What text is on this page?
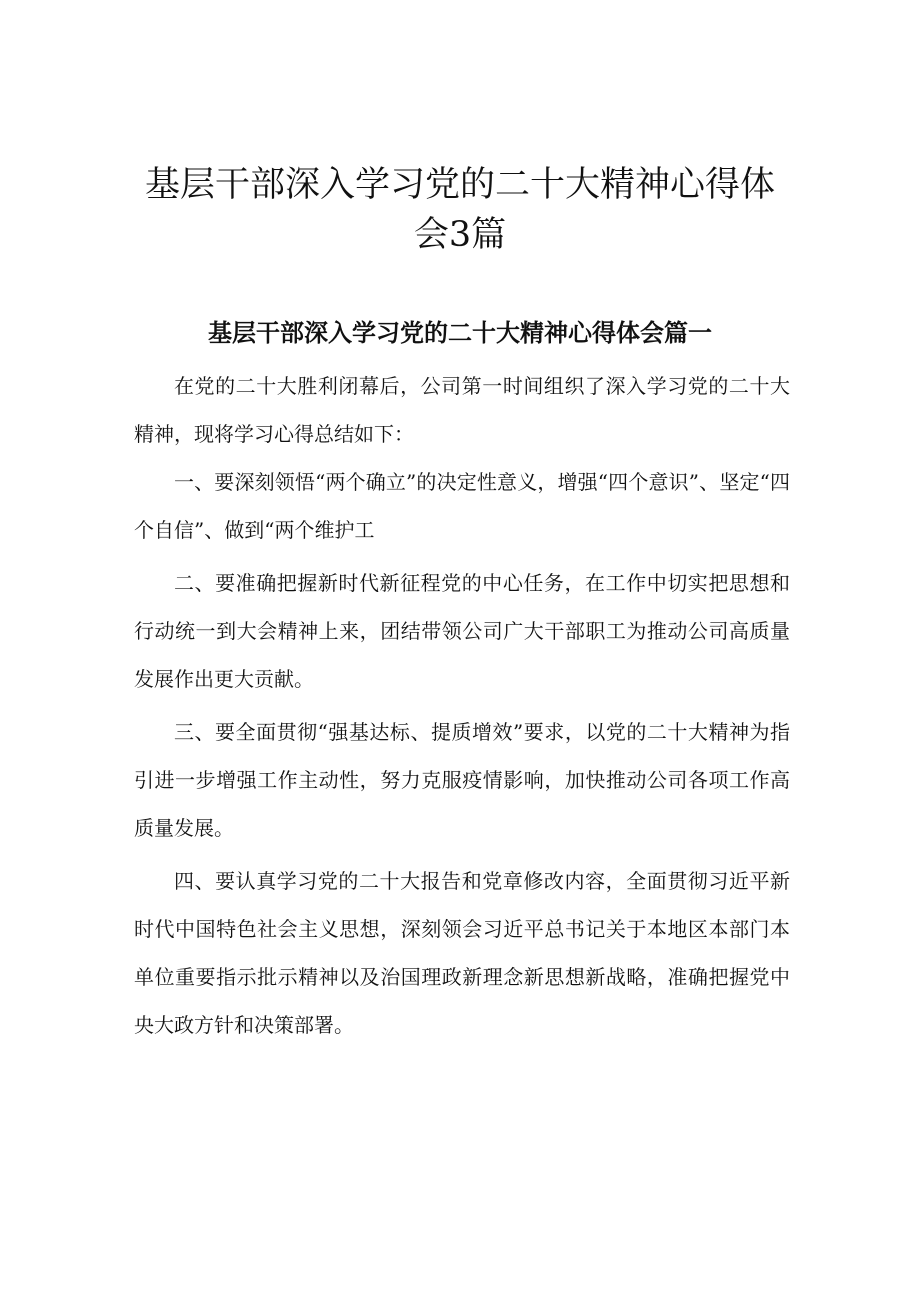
基层干部深入学习党的二十大精神心得体
会3篇
基层干部深入学习党的二十大精神心得体会篇一

在党的二十大胜利闭幕后，公司第一时间组织了深入学习党的二十大精神，现将学习心得总结如下：

一、要深刻领悟“两个确立”的决定性意义，增强“四个意识”、坚定“四个自信”、做到“两个维护工

二、要准确把握新时代新征程党的中心任务，在工作中切实把思想和行动统一到大会精神上来，团结带领公司广大干部职工为推动公司高质量发展作出更大贡献。

三、要全面贯彻“强基达标、提质增效”要求，以党的二十大精神为指引进一步增强工作主动性，努力克服疫情影响，加快推动公司各项工作高质量发展。

四、要认真学习党的二十大报告和党章修改内容，全面贯彻习近平新时代中国特色社会主义思想，深刻领会习近平总书记关于本地区本部门本单位重要指示批示精神以及治国理政新理念新思想新战略，准确把握党中央大政方针和决策部署。
